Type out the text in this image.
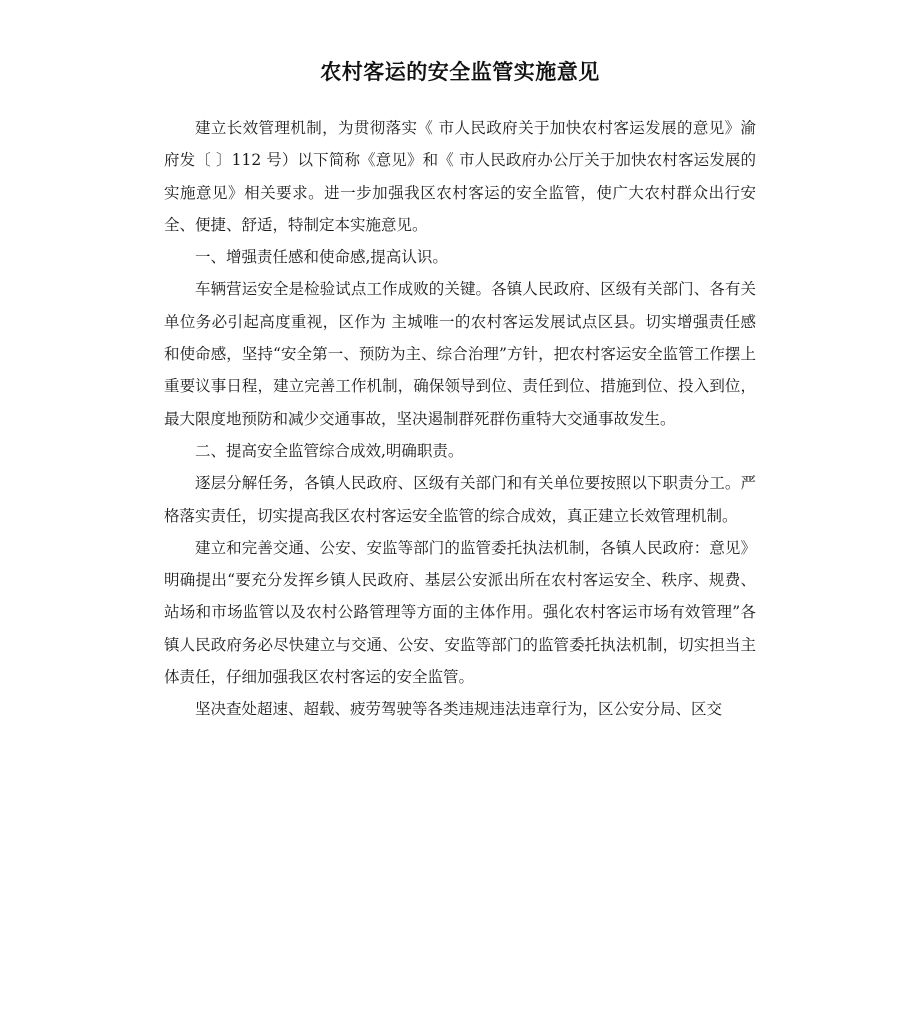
农村客运的安全监管实施意见

建立长效管理机制，为贯彻落实《 市人民政府关于加快农村客运发展的意见》渝府发〔 〕112 号）以下简称《意见》和《 市人民政府办公厅关于加快农村客运发展的实施意见》相关要求。进一步加强我区农村客运的安全监管，使广大农村群众出行安全、便捷、舒适，特制定本实施意见。

一、增强责任感和使命感,提高认识。

车辆营运安全是检验试点工作成败的关键。各镇人民政府、区级有关部门、各有关单位务必引起高度重视，区作为 主城唯一的农村客运发展试点区县。切实增强责任感和使命感，坚持“安全第一、预防为主、综合治理”方针，把农村客运安全监管工作摆上重要议事日程，建立完善工作机制，确保领导到位、责任到位、措施到位、投入到位，最大限度地预防和减少交通事故，坚决遏制群死群伤重特大交通事故发生。

二、提高安全监管综合成效,明确职责。

逐层分解任务，各镇人民政府、区级有关部门和有关单位要按照以下职责分工。严格落实责任，切实提高我区农村客运安全监管的综合成效，真正建立长效管理机制。

建立和完善交通、公安、安监等部门的监管委托执法机制，各镇人民政府：意见》明确提出“要充分发挥乡镇人民政府、基层公安派出所在农村客运安全、秩序、规费、站场和市场监管以及农村公路管理等方面的主体作用。强化农村客运市场有效管理”各镇人民政府务必尽快建立与交通、公安、安监等部门的监管委托执法机制，切实担当主体责任，仔细加强我区农村客运的安全监管。

坚决查处超速、超载、疲劳驾驶等各类违规违法违章行为，区公安分局、区交
